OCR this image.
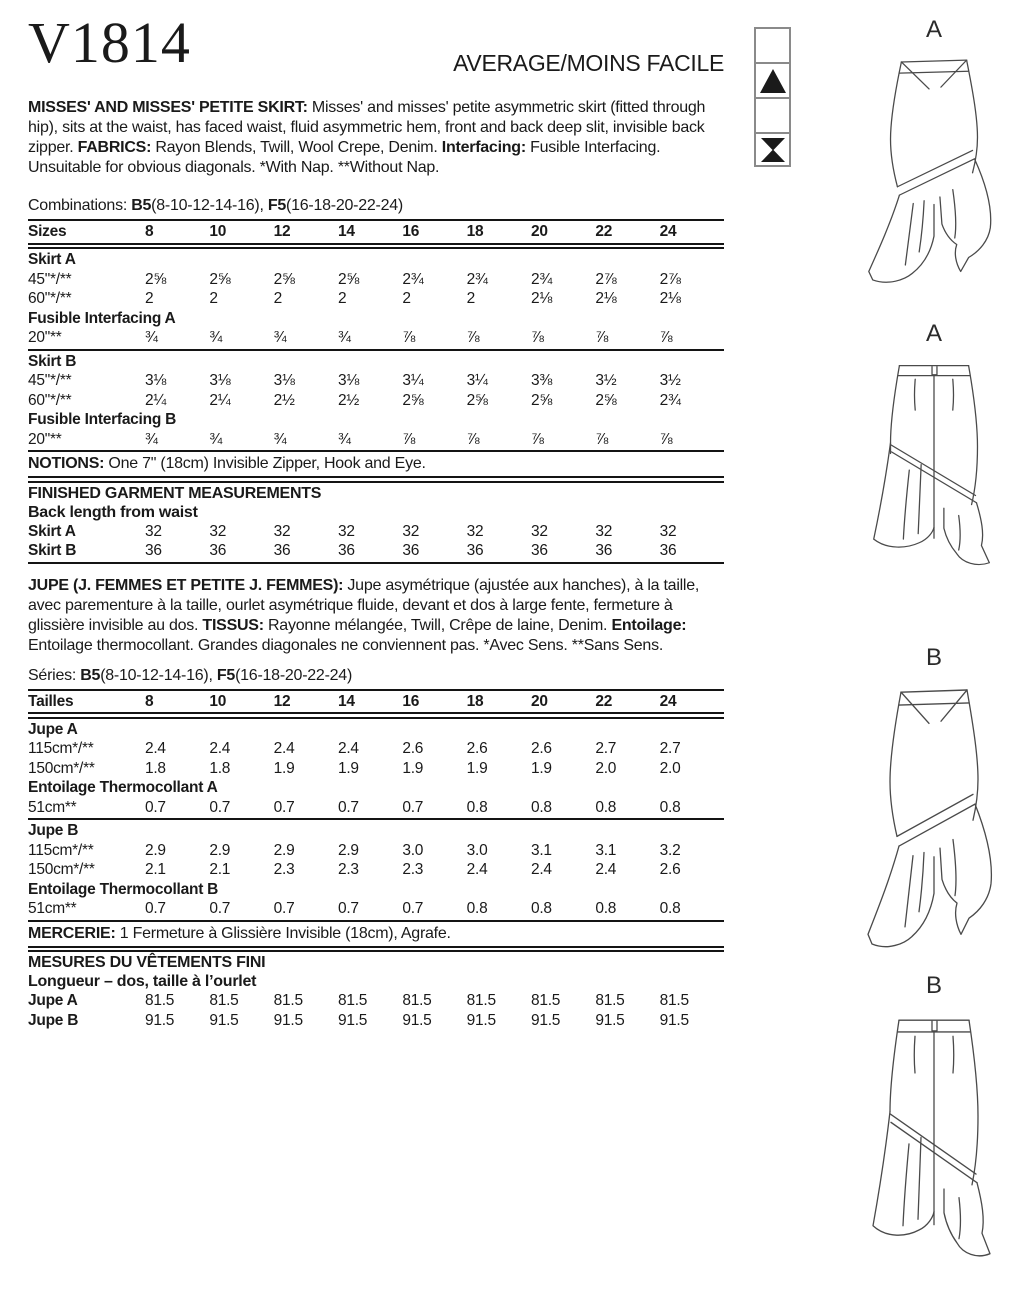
V1814	AVERAGE/MOINS FACILE

MISSES' AND MISSES' PETITE SKIRT: Misses' and misses' petite asymmetric skirt (fitted through hip), sits at the waist, has faced waist, fluid asymmetric hem, front and back deep slit, invisible back zipper. FABRICS: Rayon Blends, Twill, Wool Crepe, Denim. Interfacing: Fusible Interfacing. Unsuitable for obvious diagonals. *With Nap. **Without Nap.

Combinations: B5(8-10-12-14-16), F5(16-18-20-22-24)

Sizes	8	10	12	14	16	18	20	22	24
Skirt A
45"*/**	2⅝	2⅝	2⅝	2⅝	2¾	2¾	2¾	2⅞	2⅞
60"*/**	2	2	2	2	2	2	2⅛	2⅛	2⅛
Fusible Interfacing A
20"**	¾	¾	¾	¾	⅞	⅞	⅞	⅞	⅞
Skirt B
45"*/**	3⅛	3⅛	3⅛	3⅛	3¼	3¼	3⅜	3½	3½
60"*/**	2¼	2¼	2½	2½	2⅝	2⅝	2⅝	2⅝	2¾
Fusible Interfacing B
20"**	¾	¾	¾	¾	⅞	⅞	⅞	⅞	⅞

NOTIONS: One 7" (18cm) Invisible Zipper, Hook and Eye.

FINISHED GARMENT MEASUREMENTS

Back length from waist

Skirt A	32	32	32	32	32	32	32	32	32
Skirt B	36	36	36	36	36	36	36	36	36

JUPE (J. FEMMES ET PETITE J. FEMMES): Jupe asymétrique (ajustée aux hanches), à la taille, avec parementure à la taille, ourlet asymétrique fluide, devant et dos à large fente, fermeture à glissière invisible au dos. TISSUS: Rayonne mélangée, Twill, Crêpe de laine, Denim. Entoilage: Entoilage thermocollant. Grandes diagonales ne conviennent pas. *Avec Sens. **Sans Sens.

Séries: B5(8-10-12-14-16), F5(16-18-20-22-24)

Tailles	8	10	12	14	16	18	20	22	24
Jupe A
115cm*/**	2.4	2.4	2.4	2.4	2.6	2.6	2.6	2.7	2.7
150cm*/**	1.8	1.8	1.9	1.9	1.9	1.9	1.9	2.0	2.0
Entoilage Thermocollant A
51cm**	0.7	0.7	0.7	0.7	0.7	0.8	0.8	0.8	0.8
Jupe B
115cm*/**	2.9	2.9	2.9	2.9	3.0	3.0	3.1	3.1	3.2
150cm*/**	2.1	2.1	2.3	2.3	2.3	2.4	2.4	2.4	2.6
Entoilage Thermocollant B
51cm**	0.7	0.7	0.7	0.7	0.7	0.8	0.8	0.8	0.8

MERCERIE: 1 Fermeture à Glissière Invisible (18cm), Agrafe.

MESURES DU VÊTEMENTS FINI

Longueur – dos, taille à l’ourlet

Jupe A	81.5	81.5	81.5	81.5	81.5	81.5	81.5	81.5	81.5
Jupe B	91.5	91.5	91.5	91.5	91.5	91.5	91.5	91.5	91.5
A
A
B
B
